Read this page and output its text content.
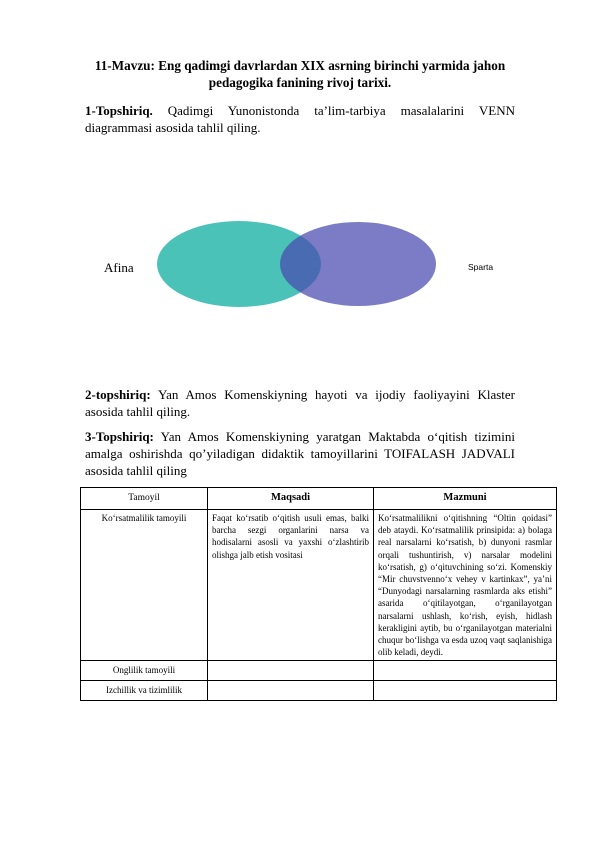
11-Mavzu: Eng qadimgi davrlardan XIX asrning birinchi yarmida jahon pedagogika fanining rivoj tarixi.
1-Topshiriq. Qadimgi Yunonistonda ta’lim-tarbiya masalalarini VENN diagrammasi asosida tahlil qiling.
Afina	Sparta
2-topshiriq: Yan Amos Komenskiyning hayoti va ijodiy faoliyayini Klaster asosida tahlil qiling.
3-Topshiriq: Yan Amos Komenskiyning yaratgan Maktabda o‘qitish tizimini amalga oshirishda qo’yiladigan didaktik tamoyillarini TOIFALASH JADVALI asosida tahlil qiling
Tamoyil	Maqsadi	Mazmuni
Ko‘rsatmalilik tamoyili	Faqat ko‘rsatib o‘qitish usuli emas, balki barcha sezgi organlarini narsa va hodisalarni asosli va yaxshi o‘zlashtirib olishga jalb etish vositasi	Ko‘rsatmalilikni o‘qitishning “Oltin qoidasi” deb ataydi. Ko‘rsatmalilik prinsipida: a) bolaga real narsalarni ko‘rsatish, b) dunyoni rasmlar orqali tushuntirish, v) narsalar modelini ko‘rsatish, g) o‘qituvchining so‘zi. Komenskiy “Mir chuvstvenno‘x vehey v kartinkax”, ya’ni “Dunyodagi narsalarning rasmlarda aks etishi” asarida o‘qitilayotgan, o‘rganilayotgan narsalarni ushlash, ko‘rish, eyish, hidlash kerakligini aytib, bu o‘rganilayotgan materialni chuqur bo‘lishga va esda uzoq vaqt saqlanishiga olib keladi, deydi.
Onglilik tamoyili		
Izchillik va tizimlilik		
